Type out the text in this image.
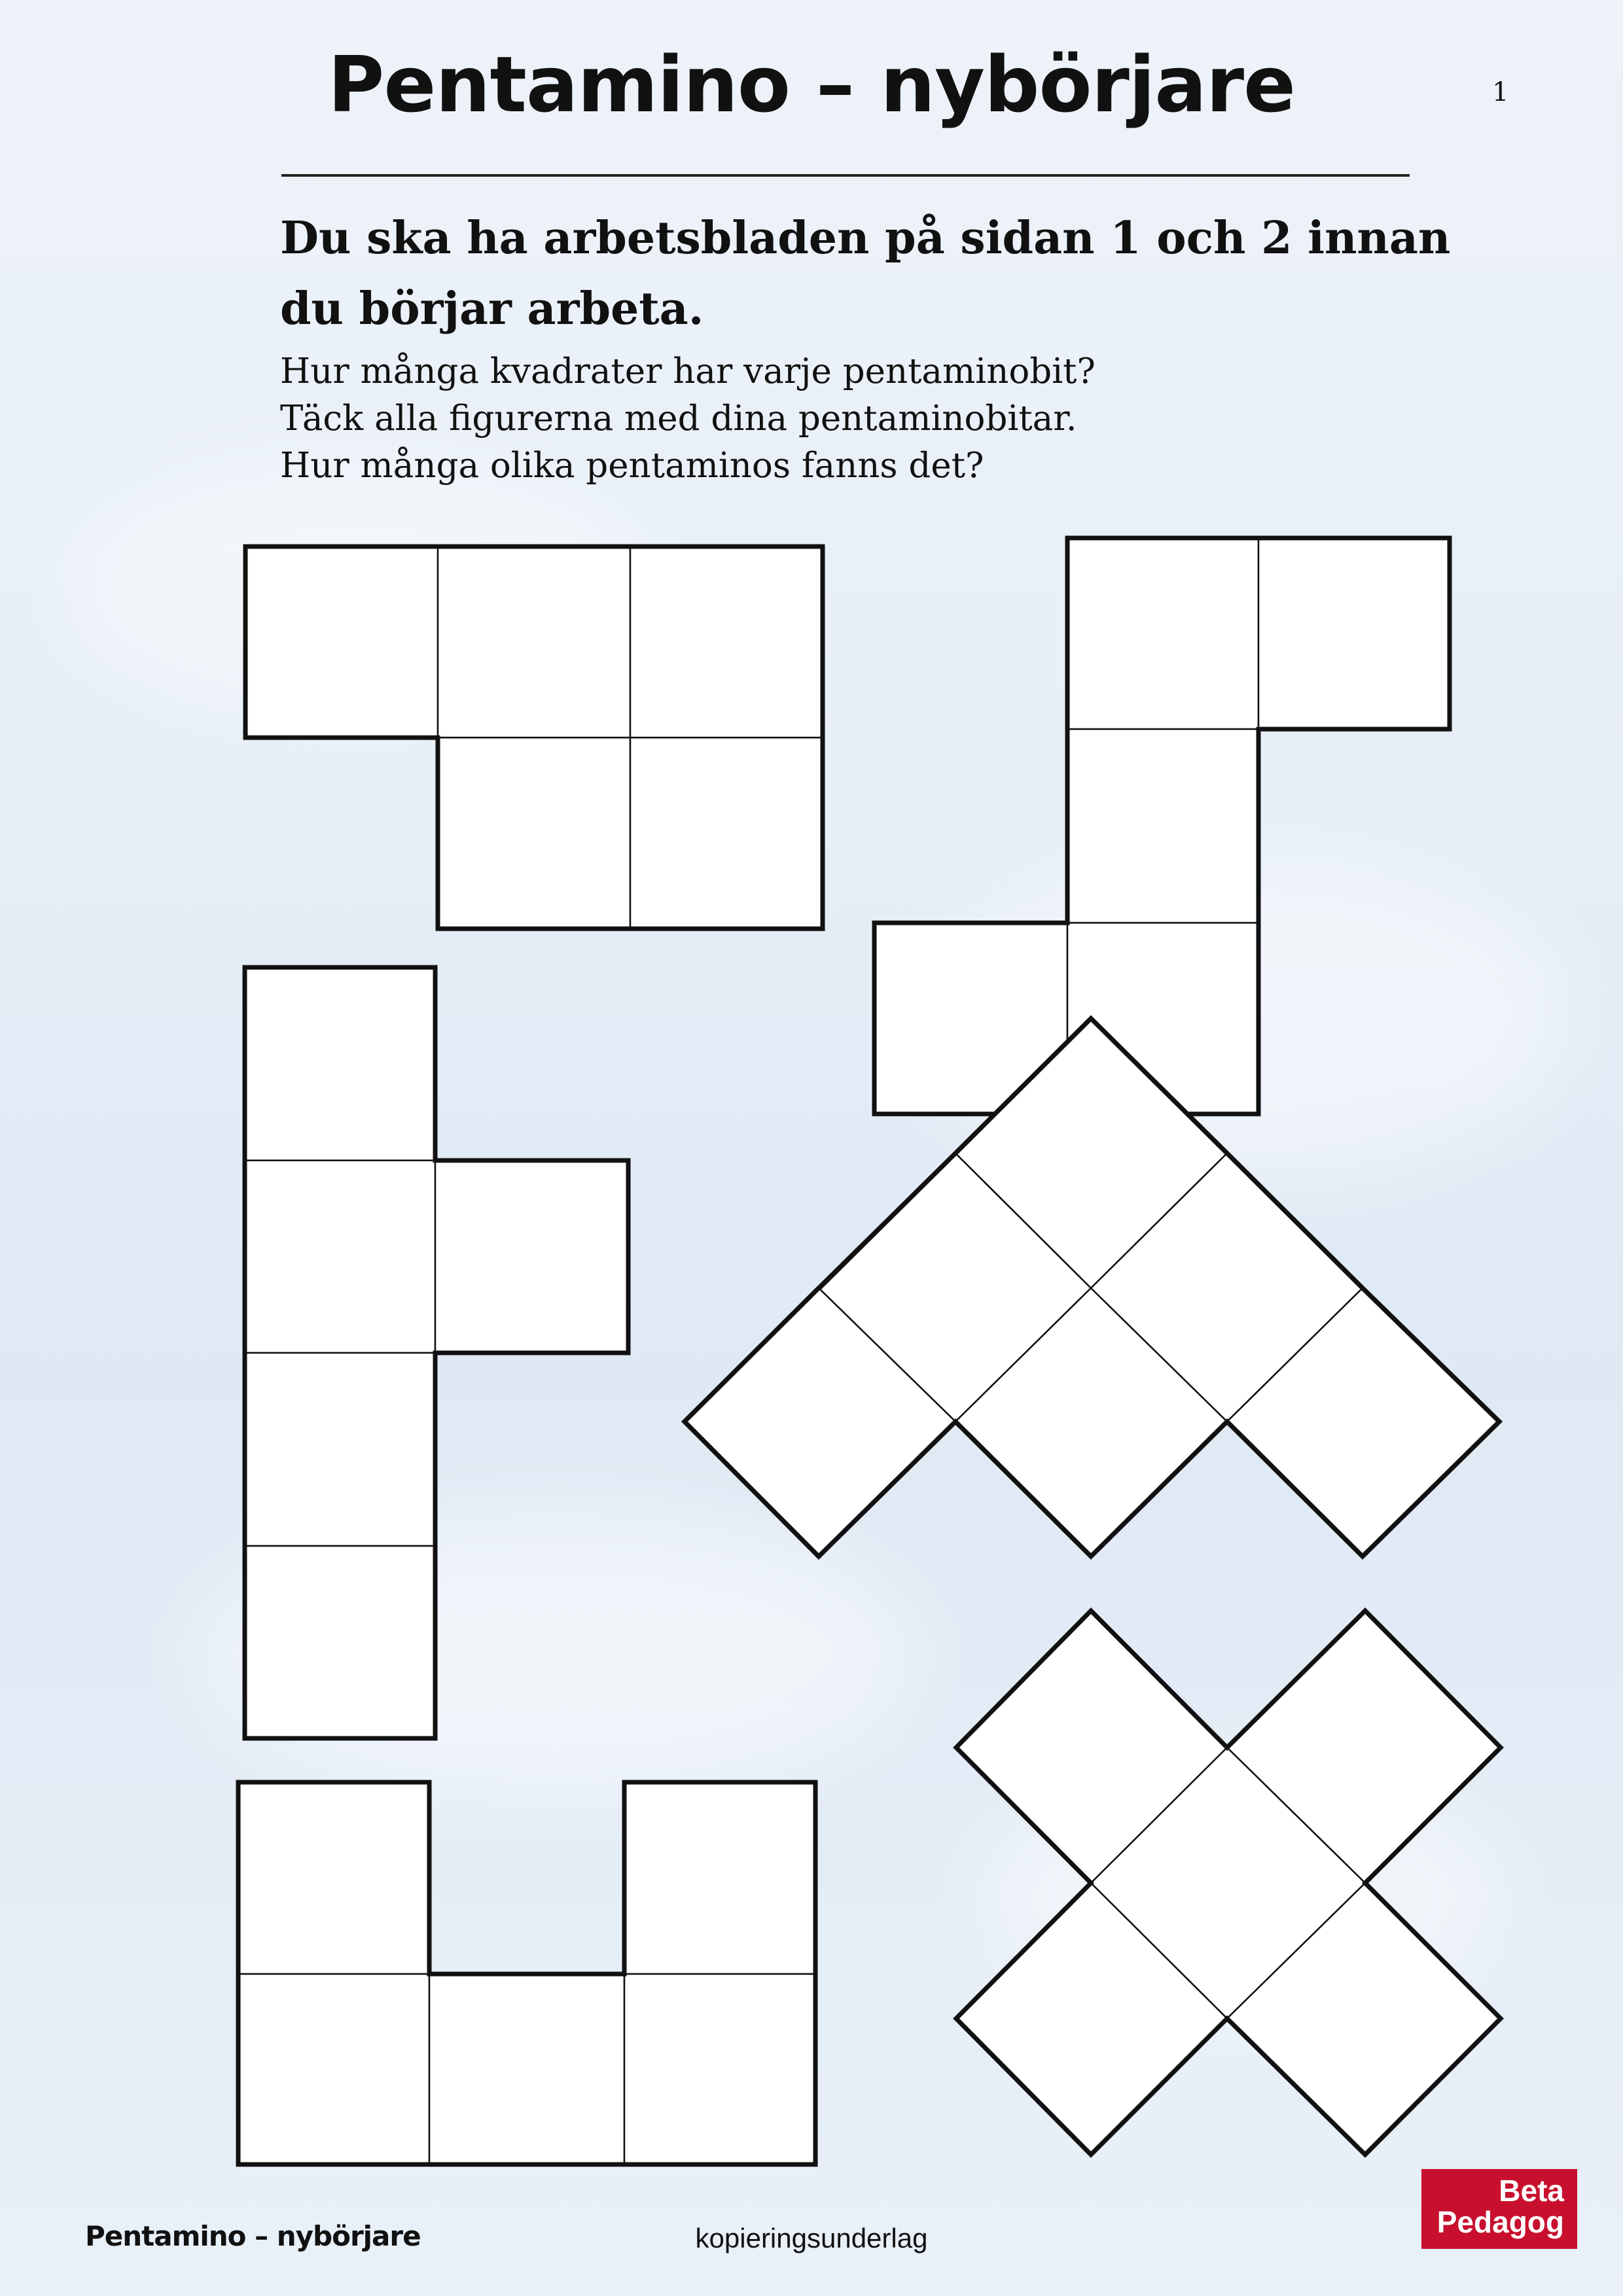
Pentamino – nybörjare	1
Du ska ha arbetsbladen på sidan 1 och 2 innan du börjar arbeta.
Hur många kvadrater har varje pentaminobit?
Täck alla figurerna med dina pentaminobitar.
Hur många olika pentaminos fanns det?
Pentamino – nybörjare	kopieringsunderlag
Beta
Pedagog
